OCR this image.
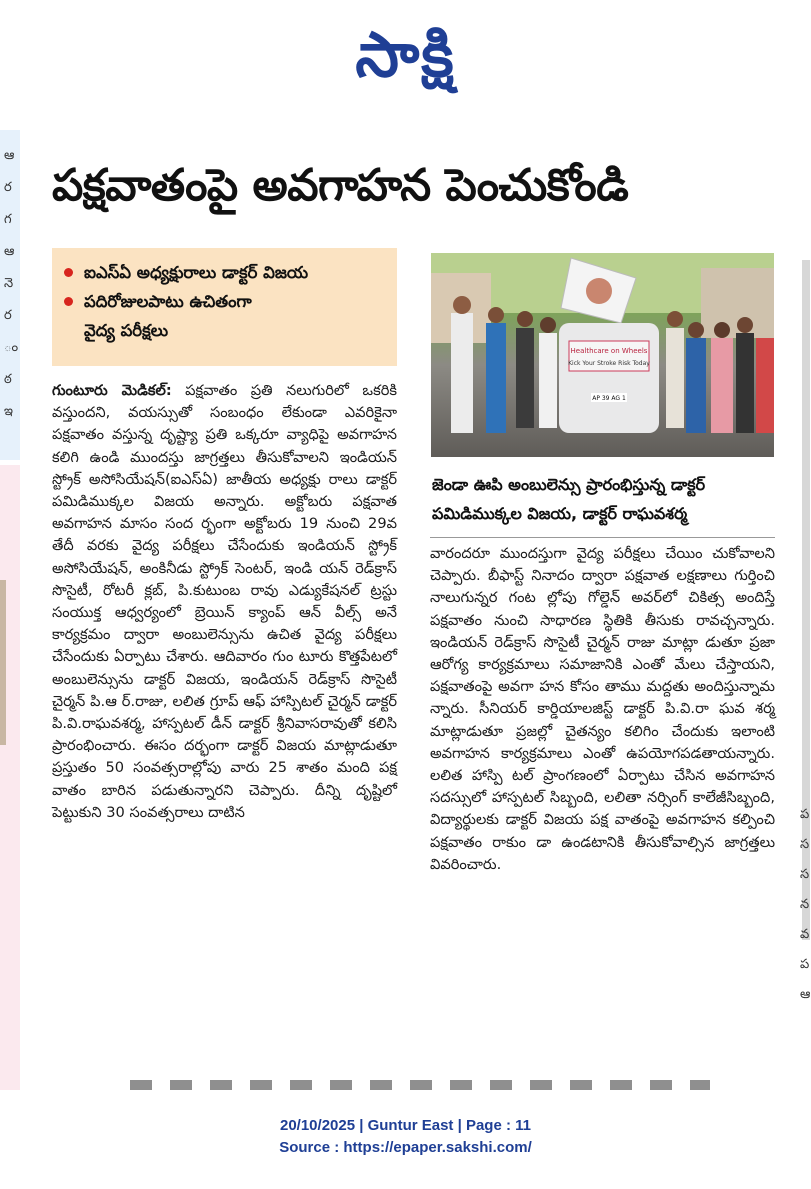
సాక్షి
ఆ ర గ ఆ నె ర ం ఠ ఇ
ప స స న వ ప ఆ
పక్షవాతంపై అవగాహన పెంచుకోండి
ఐఎస్ఏ అధ్యక్షురాలు డాక్టర్ విజయ
పదిరోజులపాటు ఉచితంగా
వైద్య పరీక్షలు
Healthcare on Wheels
Kick Your Stroke Risk Today
AP 39 AG 1
జెండా ఊపి అంబులెన్సు ప్రారంభిస్తున్న డాక్టర్ పమిడిముక్కల విజయ, డాక్టర్ రాఘవశర్మ

గుంటూరు మెడికల్: పక్షవాతం ప్రతి నలుగురిలో ఒకరికి వస్తుందని, వయస్సుతో సంబంధం లేకుండా ఎవరికైనా పక్షవాతం వస్తున్న దృష్ట్యా ప్రతి ఒక్కరూ వ్యాధిపై అవగాహన కలిగి ఉండి ముందస్తు జాగ్రత్తలు తీసుకోవాలని ఇండియన్ స్ట్రోక్ అసోసియేషన్(ఐఎస్ఏ) జాతీయ అధ్యక్షు రాలు డాక్టర్ పమిడిముక్కల విజయ అన్నారు. అక్టోబరు పక్షవాత అవగాహన మాసం సంద ర్భంగా అక్టోబరు 19 నుంచి 29వ తేదీ వరకు వైద్య పరీక్షలు చేసేందుకు ఇండియన్ స్ట్రోక్ అసోసియేషన్, అంకినీడు స్ట్రోక్ సెంటర్, ఇండి యన్ రెడ్‌క్రాస్ సొసైటీ, రోటరీ క్లబ్, పి.కుటుంబ రావు ఎడ్యుకేషనల్ ట్రస్టు సంయుక్త ఆధ్వర్యంలో బ్రెయిన్ క్యాంప్ ఆన్ వీల్స్ అనే కార్యక్రమం ద్వారా అంబులెన్సును ఉచిత వైద్య పరీక్షలు చేసేందుకు ఏర్పాటు చేశారు. ఆదివారం గుం టూరు కొత్తపేటలో అంబులెన్సును డాక్టర్ విజయ, ఇండియన్ రెడ్‌క్రాస్ సొసైటీ చైర్మన్ పి.ఆ ర్.రాజు, లలిత గ్రూప్ ఆఫ్ హాస్పిటల్ చైర్మన్ డాక్టర్ పి.వి.రాఘవశర్మ, హాస్పటల్ డీన్ డాక్టర్ శ్రీనివాసరావుతో కలిసి ప్రారంభించారు. ఈసం దర్భంగా డాక్టర్ విజయ మాట్లాడుతూ ప్రస్తుతం 50 సంవత్సరాల్లోపు వారు 25 శాతం మంది పక్ష వాతం బారిన పడుతున్నారని చెప్పారు. దీన్ని దృష్టిలో పెట్టుకుని 30 సంవత్సరాలు దాటిన

వారందరూ ముందస్తుగా వైద్య పరీక్షలు చేయిం చుకోవాలని చెప్పారు. బీఫాస్ట్ నినాదం ద్వారా పక్షవాత లక్షణాలు గుర్తించి నాలుగున్నర గంట ల్లోపు గోల్డెన్ అవర్‌లో చికిత్స అందిస్తే పక్షవాతం నుంచి సాధారణ స్థితికి తీసుకు రావచ్చన్నారు. ఇండియన్ రెడ్‌క్రాస్ సొసైటీ చైర్మన్ రాజు మాట్లా డుతూ ప్రజా ఆరోగ్య కార్యక్రమాలు సమాజానికి ఎంతో మేలు చేస్తాయని, పక్షవాతంపై అవగా హన కోసం తాము మద్దతు అందిస్తున్నామ న్నారు. సీనియర్ కార్డియాలజిస్ట్ డాక్టర్ పి.వి.రా ఘవ శర్మ మాట్లాడుతూ ప్రజల్లో చైతన్యం కలిగిం చేందుకు ఇలాంటి అవగాహన కార్యక్రమాలు ఎంతో ఉపయోగపడతాయన్నారు. లలిత హాస్పి టల్ ప్రాంగణంలో ఏర్పాటు చేసిన అవగాహన సదస్సులో హాస్పటల్ సిబ్బంది, లలితా నర్సింగ్ కాలేజీసిబ్బంది, విద్యార్థులకు డాక్టర్ విజయ పక్ష వాతంపై అవగాహన కల్పించి పక్షవాతం రాకుం డా ఉండటానికి తీసుకోవాల్సిన జాగ్రత్తలు వివరించారు.

20/10/2025 | Guntur East | Page : 11
Source : https://epaper.sakshi.com/
